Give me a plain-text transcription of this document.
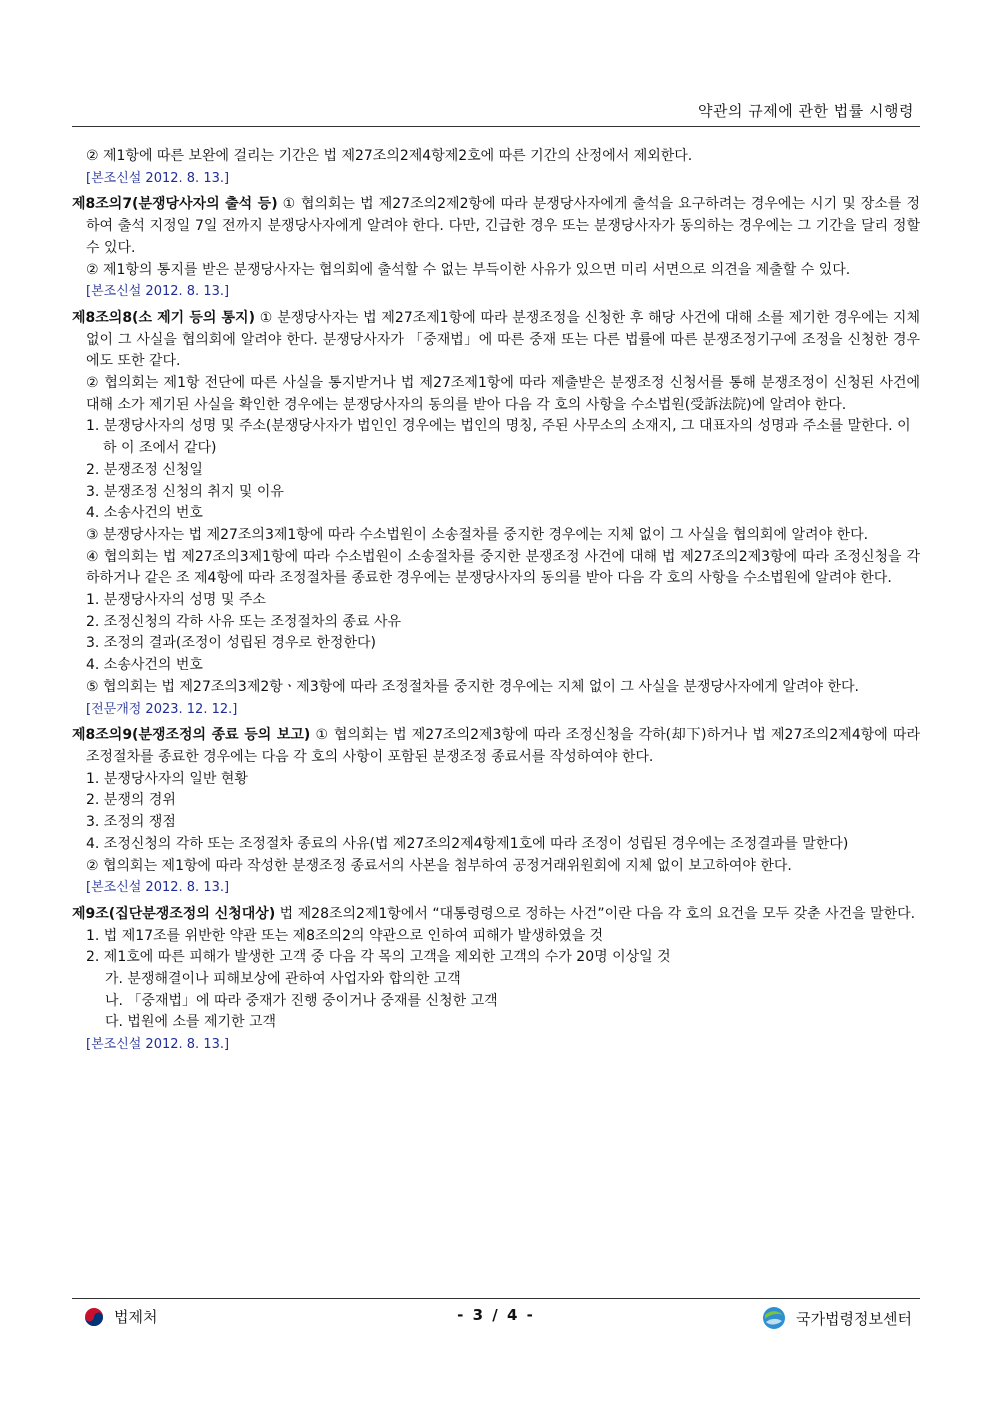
약관의 규제에 관한 법률 시행령
② 제1항에 따른 보완에 걸리는 기간은 법 제27조의2제4항제2호에 따른 기간의 산정에서 제외한다.
[본조신설 2012. 8. 13.]
제8조의7(분쟁당사자의 출석 등) ① 협의회는 법 제27조의2제2항에 따라 분쟁당사자에게 출석을 요구하려는 경우에는 시기 및 장소를 정하여 출석 지정일 7일 전까지 분쟁당사자에게 알려야 한다. 다만, 긴급한 경우 또는 분쟁당사자가 동의하는 경우에는 그 기간을 달리 정할 수 있다.
② 제1항의 통지를 받은 분쟁당사자는 협의회에 출석할 수 없는 부득이한 사유가 있으면 미리 서면으로 의견을 제출할 수 있다.
[본조신설 2012. 8. 13.]
제8조의8(소 제기 등의 통지) ① 분쟁당사자는 법 제27조제1항에 따라 분쟁조정을 신청한 후 해당 사건에 대해 소를 제기한 경우에는 지체 없이 그 사실을 협의회에 알려야 한다. 분쟁당사자가 「중재법」에 따른 중재 또는 다른 법률에 따른 분쟁조정기구에 조정을 신청한 경우에도 또한 같다.
② 협의회는 제1항 전단에 따른 사실을 통지받거나 법 제27조제1항에 따라 제출받은 분쟁조정 신청서를 통해 분쟁조정이 신청된 사건에 대해 소가 제기된 사실을 확인한 경우에는 분쟁당사자의 동의를 받아 다음 각 호의 사항을 수소법원(受訴法院)에 알려야 한다.
1. 분쟁당사자의 성명 및 주소(분쟁당사자가 법인인 경우에는 법인의 명칭, 주된 사무소의 소재지, 그 대표자의 성명과 주소를 말한다. 이하 이 조에서 같다)
2. 분쟁조정 신청일
3. 분쟁조정 신청의 취지 및 이유
4. 소송사건의 번호
③ 분쟁당사자는 법 제27조의3제1항에 따라 수소법원이 소송절차를 중지한 경우에는 지체 없이 그 사실을 협의회에 알려야 한다.
④ 협의회는 법 제27조의3제1항에 따라 수소법원이 소송절차를 중지한 분쟁조정 사건에 대해 법 제27조의2제3항에 따라 조정신청을 각하하거나 같은 조 제4항에 따라 조정절차를 종료한 경우에는 분쟁당사자의 동의를 받아 다음 각 호의 사항을 수소법원에 알려야 한다.
1. 분쟁당사자의 성명 및 주소
2. 조정신청의 각하 사유 또는 조정절차의 종료 사유
3. 조정의 결과(조정이 성립된 경우로 한정한다)
4. 소송사건의 번호
⑤ 협의회는 법 제27조의3제2항ㆍ제3항에 따라 조정절차를 중지한 경우에는 지체 없이 그 사실을 분쟁당사자에게 알려야 한다.
[전문개정 2023. 12. 12.]
제8조의9(분쟁조정의 종료 등의 보고) ① 협의회는 법 제27조의2제3항에 따라 조정신청을 각하(却下)하거나 법 제27조의2제4항에 따라 조정절차를 종료한 경우에는 다음 각 호의 사항이 포함된 분쟁조정 종료서를 작성하여야 한다.
1. 분쟁당사자의 일반 현황
2. 분쟁의 경위
3. 조정의 쟁점
4. 조정신청의 각하 또는 조정절차 종료의 사유(법 제27조의2제4항제1호에 따라 조정이 성립된 경우에는 조정결과를 말한다)
② 협의회는 제1항에 따라 작성한 분쟁조정 종료서의 사본을 첨부하여 공정거래위원회에 지체 없이 보고하여야 한다.
[본조신설 2012. 8. 13.]
제9조(집단분쟁조정의 신청대상) 법 제28조의2제1항에서 “대통령령으로 정하는 사건”이란 다음 각 호의 요건을 모두 갖춘 사건을 말한다.
1. 법 제17조를 위반한 약관 또는 제8조의2의 약관으로 인하여 피해가 발생하였을 것
2. 제1호에 따른 피해가 발생한 고객 중 다음 각 목의 고객을 제외한 고객의 수가 20명 이상일 것
가. 분쟁해결이나 피해보상에 관하여 사업자와 합의한 고객
나. 「중재법」에 따라 중재가 진행 중이거나 중재를 신청한 고객
다. 법원에 소를 제기한 고객
[본조신설 2012. 8. 13.]
법제처	- 3 / 4 -	국가법령정보센터
